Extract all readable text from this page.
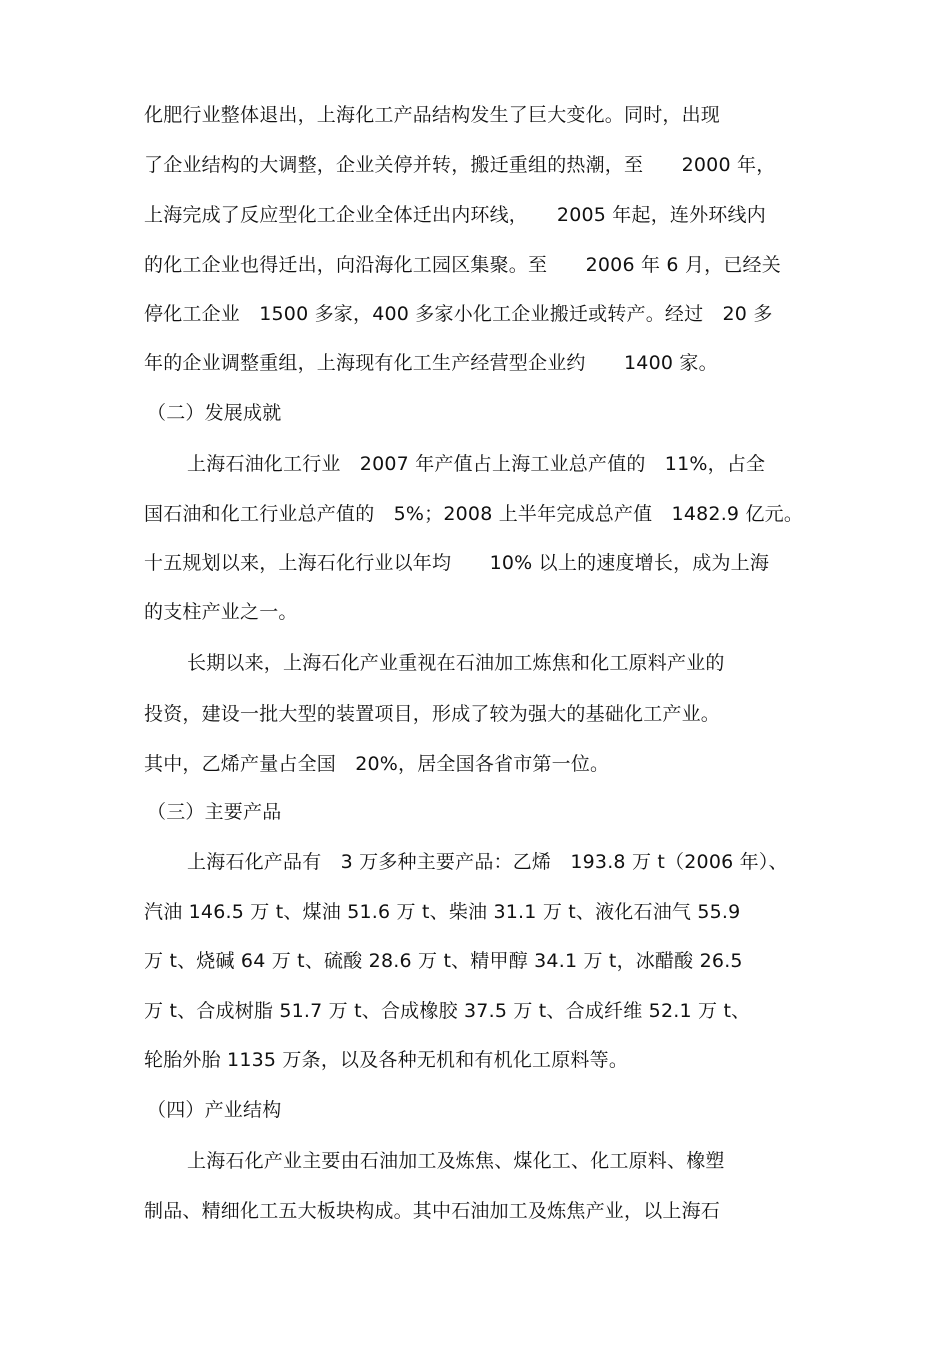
化肥行业整体退出，上海化工产品结构发生了巨大变化。同时，出现
了企业结构的大调整，企业关停并转，搬迁重组的热潮，至　　2000 年，
上海完成了反应型化工企业全体迁出内环线，　　2005 年起，连外环线内
的化工企业也得迁出，向沿海化工园区集聚。至　　2006 年 6 月，已经关
停化工企业　1500 多家，400 多家小化工企业搬迁或转产。经过　20 多
年的企业调整重组，上海现有化工生产经营型企业约　　1400 家。
（二）发展成就
上海石油化工行业　2007 年产值占上海工业总产值的　11%，占全
国石油和化工行业总产值的　5%；2008 上半年完成总产值　1482.9 亿元。
十五规划以来，上海石化行业以年均　　10% 以上的速度增长，成为上海
的支柱产业之一。
长期以来，上海石化产业重视在石油加工炼焦和化工原料产业的
投资，建设一批大型的装置项目，形成了较为强大的基础化工产业。
其中，乙烯产量占全国　20%，居全国各省市第一位。
（三）主要产品
上海石化产品有　3 万多种主要产品：乙烯　193.8 万 t（2006 年）、
汽油 146.5 万 t、煤油 51.6 万 t、柴油 31.1 万 t、液化石油气 55.9
万 t、烧碱 64 万 t、硫酸 28.6 万 t、精甲醇 34.1 万 t，冰醋酸 26.5
万 t、合成树脂 51.7 万 t、合成橡胶 37.5 万 t、合成纤维 52.1 万 t、
轮胎外胎 1135 万条，以及各种无机和有机化工原料等。
（四）产业结构
上海石化产业主要由石油加工及炼焦、煤化工、化工原料、橡塑
制品、精细化工五大板块构成。其中石油加工及炼焦产业，以上海石
